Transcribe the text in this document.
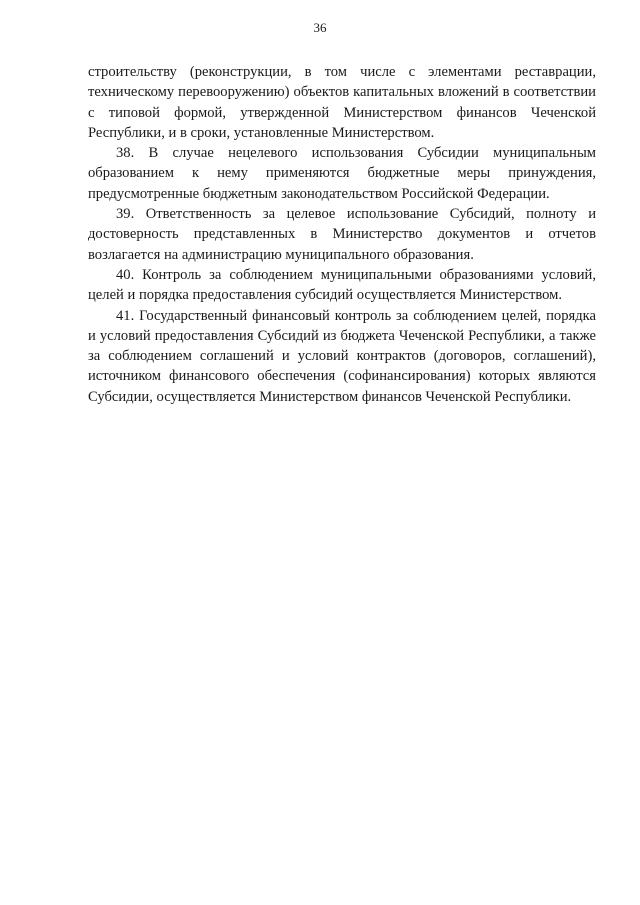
36

строительству (реконструкции, в том числе с элементами реставрации, техническому перевооружению) объектов капитальных вложений в соответствии с типовой формой, утвержденной Министерством финансов Чеченской Республики, и в сроки, установленные Министерством.

38. В случае нецелевого использования Субсидии муниципальным образованием к нему применяются бюджетные меры принуждения, предусмотренные бюджетным законодательством Российской Федерации.

39. Ответственность за целевое использование Субсидий, полноту и достоверность представленных в Министерство документов и отчетов возлагается на администрацию муниципального образования.

40. Контроль за соблюдением муниципальными образованиями условий, целей и порядка предоставления субсидий осуществляется Министерством.

41. Государственный финансовый контроль за соблюдением целей, порядка и условий предоставления Субсидий из бюджета Чеченской Республики, а также за соблюдением соглашений и условий контрактов (договоров, соглашений), источником финансового обеспечения (софинансирования) которых являются Субсидии, осуществляется Министерством финансов Чеченской Республики.
